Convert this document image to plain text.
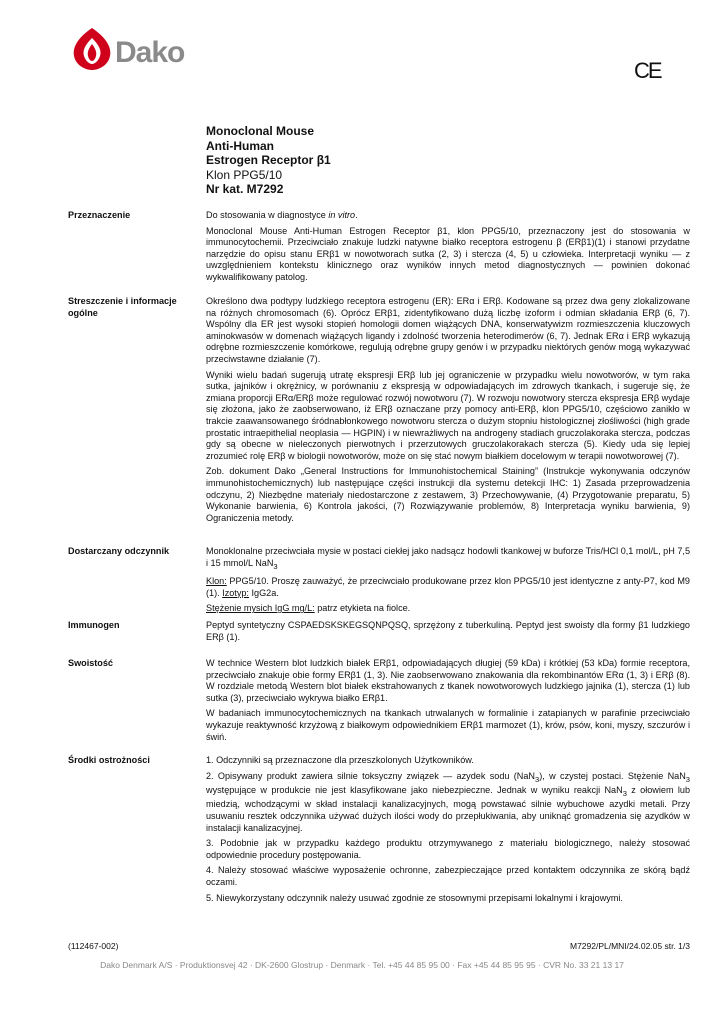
Dako
CE
Monoclonal Mouse
Anti-Human
Estrogen Receptor β1
Klon PPG5/10
Nr kat. M7292
Przeznaczenie	Do stosowania w diagnostyce in vitro.

Monoclonal Mouse Anti-Human Estrogen Receptor β1, klon PPG5/10, przeznaczony jest do stosowania w immunocytochemii. Przeciwciało znakuje ludzki natywne białko receptora estrogenu β (ERβ1)(1) i stanowi przydatne narzędzie do opisu stanu ERβ1 w nowotworach sutka (2, 3) i stercza (4, 5) u człowieka. Interpretacji wyniku — z uwzględnieniem kontekstu klinicznego oraz wyników innych metod diagnostycznych — powinien dokonać wykwalifikowany patolog.

Streszczenie i informacje ogólne

Określono dwa podtypy ludzkiego receptora estrogenu (ER): ERα i ERβ. Kodowane są przez dwa geny zlokalizowane na różnych chromosomach (6). Oprócz ERβ1, zidentyfikowano dużą liczbę izoform i odmian składania ERβ (6, 7). Wspólny dla ER jest wysoki stopień homologii domen wiążących DNA, konserwatywizm rozmieszczenia kluczowych aminokwasów w domenach wiążących ligandy i zdolność tworzenia heterodimerów (6, 7). Jednak ERα i ERβ wykazują odrębne rozmieszczenie komórkowe, regulują odrębne grupy genów i w przypadku niektórych genów mogą wykazywać przeciwstawne działanie (7).

Wyniki wielu badań sugerują utratę ekspresji ERβ lub jej ograniczenie w przypadku wielu nowotworów, w tym raka sutka, jajników i okrężnicy, w porównaniu z ekspresją w odpowiadających im zdrowych tkankach, i sugeruje się, że zmiana proporcji ERα/ERβ może regulować rozwój nowotworu (7). W rozwoju nowotwory stercza ekspresja ERβ wydaje się złożona, jako że zaobserwowano, iż ERβ oznaczane przy pomocy anti-ERβ, klon PPG5/10, częściowo zanikło w trakcie zaawansowanego śródnabłonkowego nowotworu stercza o dużym stopniu histologicznej złośliwości (high grade prostatic intraepithelial neoplasia — HGPIN) i w niewrażliwych na androgeny stadiach gruczolakoraka stercza, podczas gdy są obecne w nieleczonych pierwotnych i przerzutowych gruczolakorakach stercza (5). Kiedy uda się lepiej zrozumieć rolę ERβ w biologii nowotworów, może on się stać nowym białkiem docelowym w terapii nowotworowej (7).

Zob. dokument Dako „General Instructions for Immunohistochemical Staining” (Instrukcje wykonywania odczynów immunohistochemicznych) lub następujące części instrukcji dla systemu detekcji IHC: 1) Zasada przeprowadzenia odczynu, 2) Niezbędne materiały niedostarczone z zestawem, 3) Przechowywanie, (4) Przygotowanie preparatu, 5) Wykonanie barwienia, 6) Kontrola jakości, (7) Rozwiązywanie problemów, 8) Interpretacja wyniku barwienia, 9) Ograniczenia metody.

Dostarczany odczynnik	Monoklonalne przeciwciała mysie w postaci ciekłej jako nadsącz hodowli tkankowej w buforze Tris/HCl 0,1 mol/L, pH 7,5 i 15 mmol/L NaN$_3$

Klon: PPG5/10. Proszę zauważyć, że przeciwciało produkowane przez klon PPG5/10 jest identyczne z anty-P7, kod M9 (1). Izotyp: IgG2a.

Stężenie mysich IgG mg/L: patrz etykieta na fiolce.

Immunogen	Peptyd syntetyczny CSPAEDSKSKEGSQNPQSQ, sprzężony z tuberkuliną. Peptyd jest swoisty dla formy β1 ludzkiego ERβ (1).

Swoistość	W technice Western blot ludzkich białek ERβ1, odpowiadających długiej (59 kDa) i krótkiej (53 kDa) formie receptora, przeciwciało znakuje obie formy ERβ1 (1, 3). Nie zaobserwowano znakowania dla rekombinantów ERα (1, 3) i ERβ (8). W rozdziale metodą Western blot białek ekstrahowanych z tkanek nowotworowych ludzkiego jajnika (1), stercza (1) lub sutka (3), przeciwciało wykrywa białko ERβ1.

W badaniach immunocytochemicznych na tkankach utrwalanych w formalinie i zatapianych w parafinie przeciwciało wykazuje reaktywność krzyżową z białkowym odpowiednikiem ERβ1 marmozet (1), krów, psów, koni, myszy, szczurów i świń.

Środki ostrożności	1. Odczynniki są przeznaczone dla przeszkolonych Użytkowników.

2. Opisywany produkt zawiera silnie toksyczny związek — azydek sodu (NaN$_3$), w czystej postaci. Stężenie NaN$_3$ występujące w produkcie nie jest klasyfikowane jako niebezpieczne. Jednak w wyniku reakcji NaN$_3$ z ołowiem lub miedzią, wchodzącymi w skład instalacji kanalizacyjnych, mogą powstawać silnie wybuchowe azydki metali. Przy usuwaniu resztek odczynnika używać dużych ilości wody do przepłukiwania, aby uniknąć gromadzenia się azydków w instalacji kanalizacyjnej.

3. Podobnie jak w przypadku każdego produktu otrzymywanego z materiału biologicznego, należy stosować odpowiednie procedury postępowania.

4. Należy stosować właściwe wyposażenie ochronne, zabezpieczające przed kontaktem odczynnika ze skórą bądź oczami.

5. Niewykorzystany odczynnik należy usuwać zgodnie ze stosownymi przepisami lokalnymi i krajowymi.

(112467-002)	M7292/PL/MNI/24.02.05 str. 1/3
Dako Denmark A/S · Produktionsvej 42 · DK-2600 Glostrup · Denmark · Tel. +45 44 85 95 00 · Fax +45 44 85 95 95 · CVR No. 33 21 13 17
